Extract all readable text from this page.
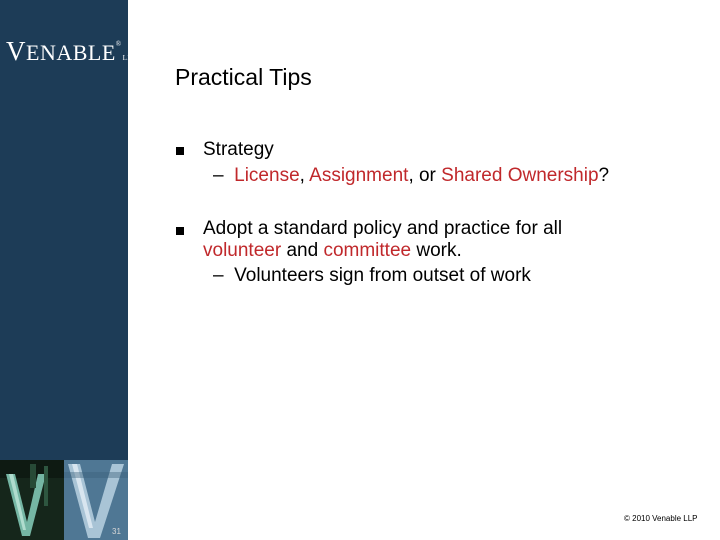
VENABLE®LLP
31
Practical Tips
Strategy
– License, Assignment, or Shared Ownership?
Adopt a standard policy and practice for all
volunteer and committee work.
– Volunteers sign from outset of work
© 2010 Venable LLP
